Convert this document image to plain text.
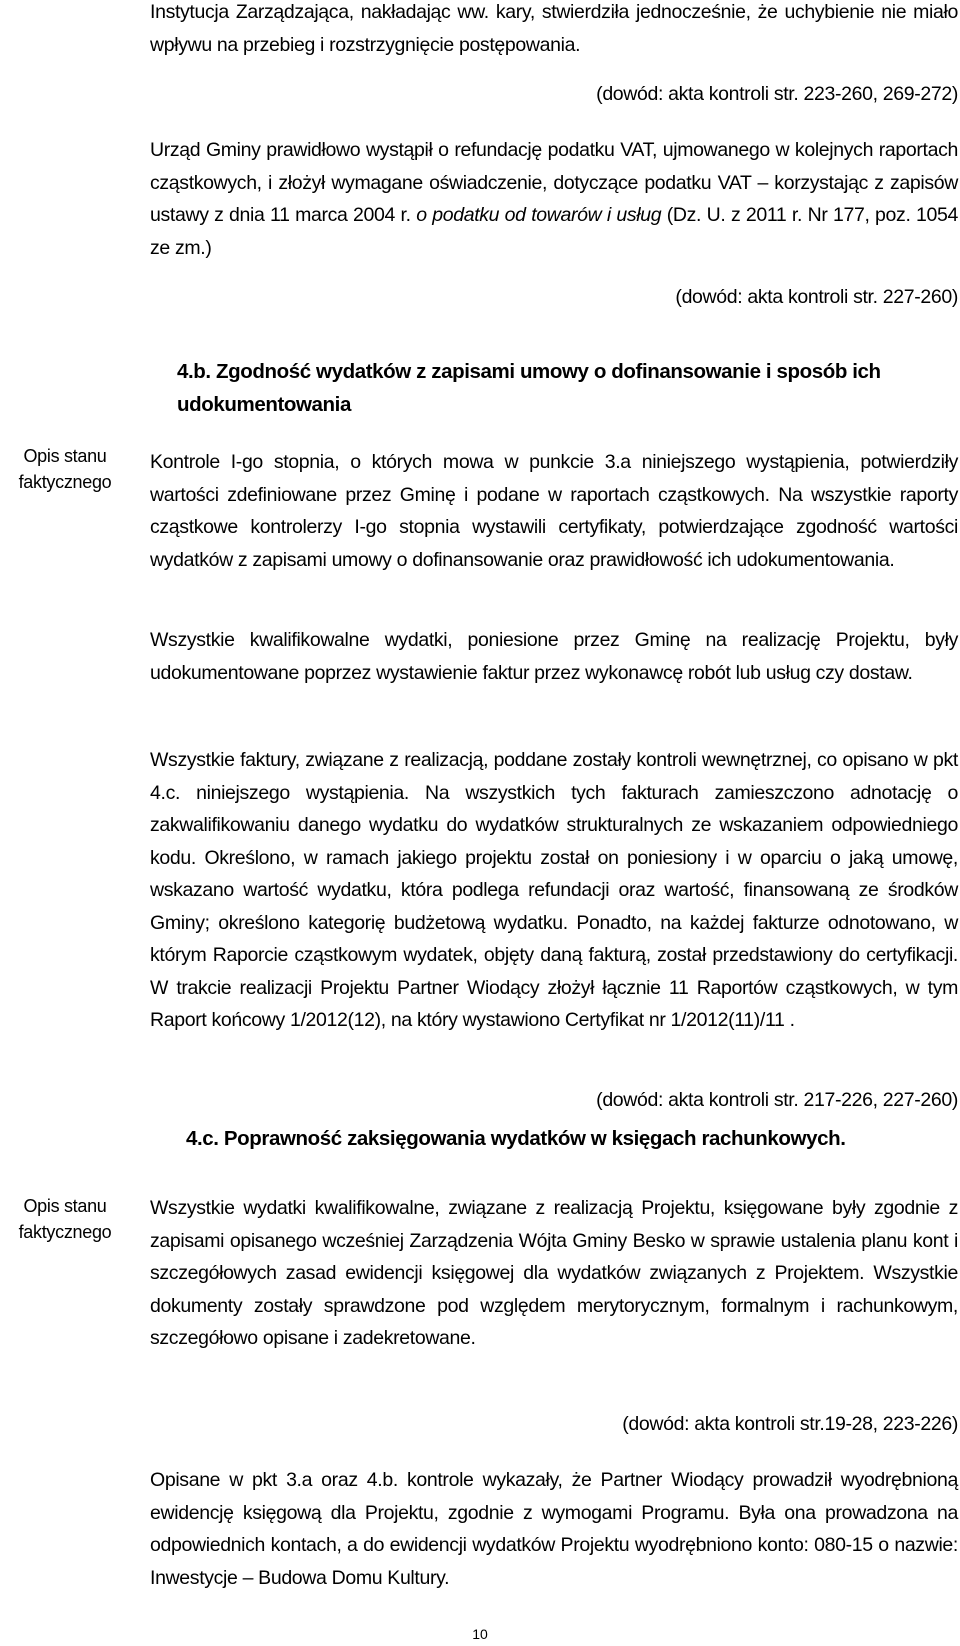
Instytucja Zarządzająca, nakładając ww. kary, stwierdziła jednocześnie, że uchybienie nie miało wpływu na przebieg i rozstrzygnięcie postępowania.

(dowód: akta kontroli str. 223-260, 269-272)

Urząd Gminy prawidłowo wystąpił o refundację podatku VAT, ujmowanego w kolejnych raportach cząstkowych, i złożył wymagane oświadczenie, dotyczące podatku VAT – korzystając z zapisów ustawy z dnia 11 marca 2004 r. o podatku od towarów i usług (Dz. U. z 2011 r. Nr 177, poz. 1054 ze zm.)

(dowód: akta kontroli str. 227-260)

4.b. Zgodność wydatków z zapisami umowy o dofinansowanie i sposób ich udokumentowania
Opis stanu faktycznego

Kontrole I-go stopnia, o których mowa w punkcie 3.a niniejszego wystąpienia, potwierdziły wartości zdefiniowane przez Gminę i podane w raportach cząstkowych. Na wszystkie raporty cząstkowe kontrolerzy I-go stopnia wystawili certyfikaty, potwierdzające zgodność wartości wydatków z zapisami umowy o dofinansowanie oraz prawidłowość ich udokumentowania.

Wszystkie kwalifikowalne wydatki, poniesione przez Gminę na realizację Projektu, były udokumentowane poprzez wystawienie faktur przez wykonawcę robót lub usług czy dostaw.

Wszystkie faktury, związane z realizacją, poddane zostały kontroli wewnętrznej, co opisano w pkt 4.c. niniejszego wystąpienia. Na wszystkich tych fakturach zamieszczono adnotację o zakwalifikowaniu danego wydatku do wydatków strukturalnych ze wskazaniem odpowiedniego kodu. Określono, w ramach jakiego projektu został on poniesiony i w oparciu o jaką umowę, wskazano wartość wydatku, która podlega refundacji oraz wartość, finansowaną ze środków Gminy; określono kategorię budżetową wydatku. Ponadto, na każdej fakturze odnotowano, w którym Raporcie cząstkowym wydatek, objęty daną fakturą, został przedstawiony do certyfikacji. W trakcie realizacji Projektu Partner Wiodący złożył łącznie 11 Raportów cząstkowych, w tym Raport końcowy 1/2012(12), na który wystawiono Certyfikat nr 1/2012(11)/11 .

(dowód: akta kontroli str. 217-226, 227-260)

4.c. Poprawność zaksięgowania wydatków w księgach rachunkowych.
Opis stanu faktycznego

Wszystkie wydatki kwalifikowalne, związane z realizacją Projektu, księgowane były zgodnie z zapisami opisanego wcześniej Zarządzenia Wójta Gminy Besko w sprawie ustalenia planu kont i szczegółowych zasad ewidencji księgowej dla wydatków związanych z Projektem. Wszystkie dokumenty zostały sprawdzone pod względem merytorycznym, formalnym i rachunkowym, szczegółowo opisane i zadekretowane.

(dowód: akta kontroli str.19-28, 223-226)

Opisane w pkt 3.a oraz 4.b. kontrole wykazały, że Partner Wiodący prowadził wyodrębnioną ewidencję księgową dla Projektu, zgodnie z wymogami Programu. Była ona prowadzona na odpowiednich kontach, a do ewidencji wydatków Projektu wyodrębniono konto: 080-15 o nazwie: Inwestycje – Budowa Domu Kultury.

10
